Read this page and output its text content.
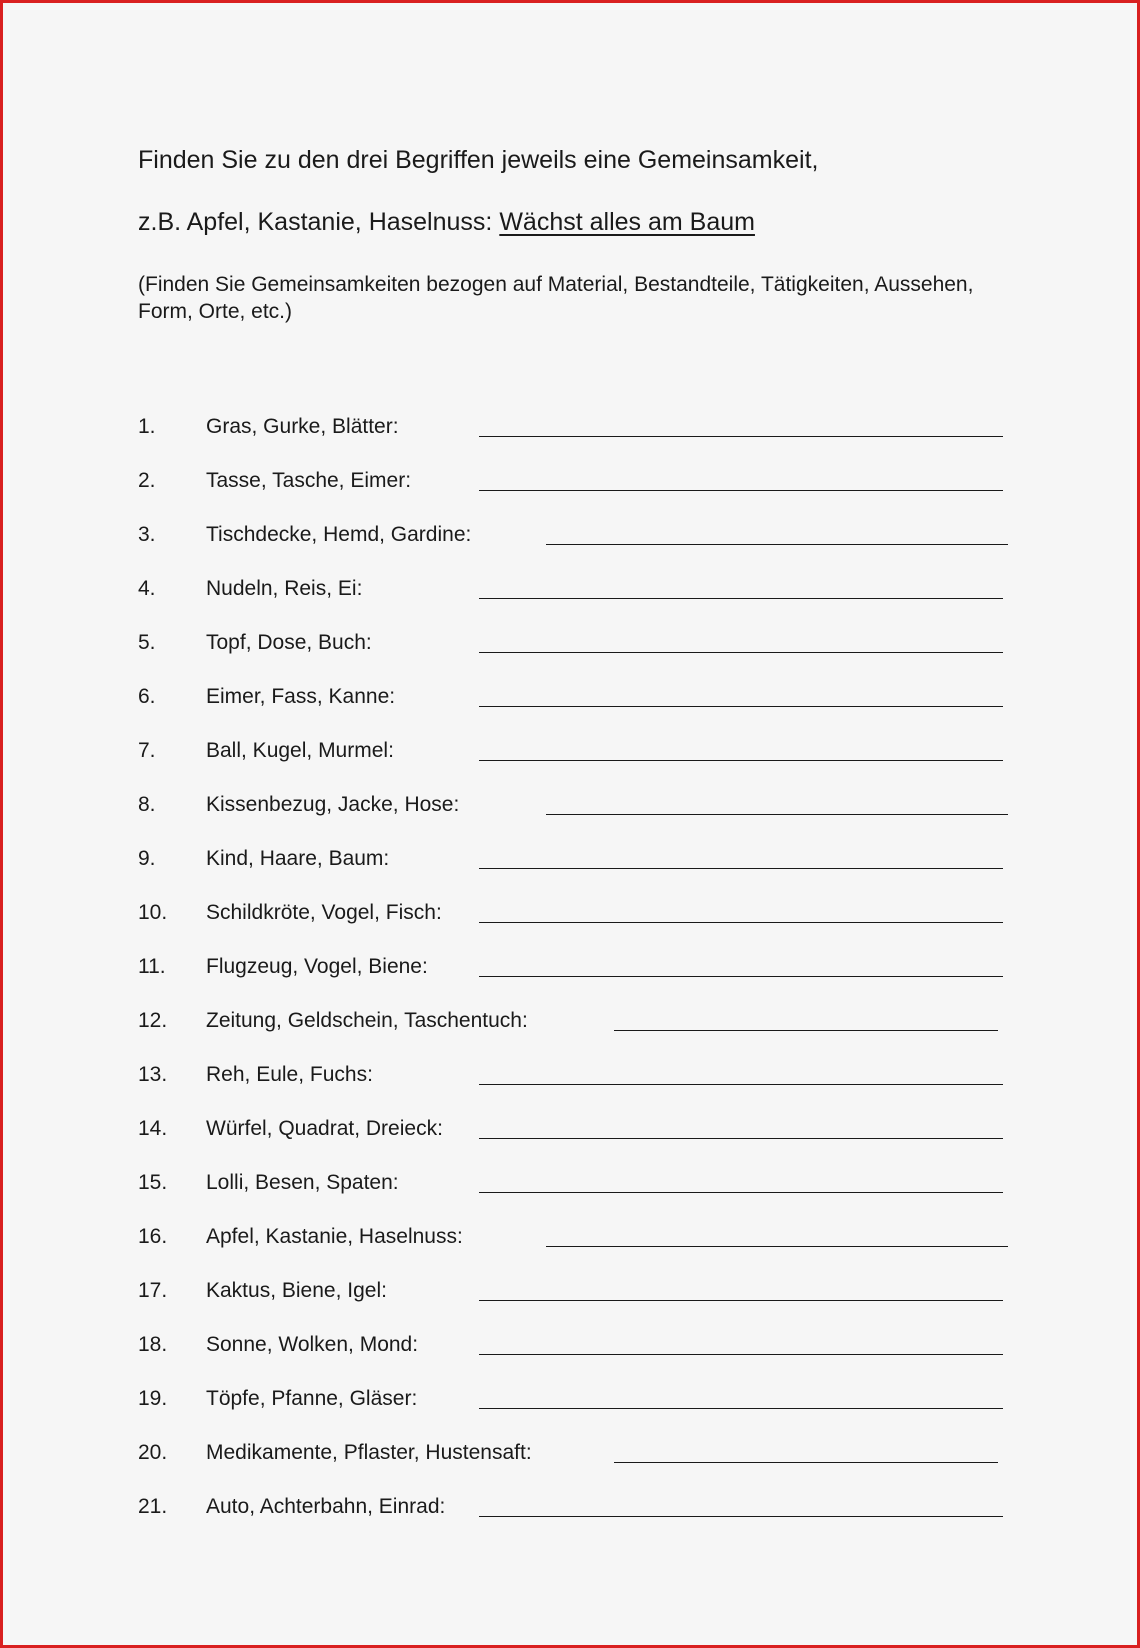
Finden Sie zu den drei Begriffen jeweils eine Gemeinsamkeit,
z.B. Apfel, Kastanie, Haselnuss: Wächst alles am Baum
(Finden Sie Gemeinsamkeiten bezogen auf Material, Bestandteile, Tätigkeiten, Aussehen, Form, Orte, etc.)
1. Gras, Gurke, Blätter:
2. Tasse, Tasche, Eimer:
3. Tischdecke, Hemd, Gardine:
4. Nudeln, Reis, Ei:
5. Topf, Dose, Buch:
6. Eimer, Fass, Kanne:
7. Ball, Kugel, Murmel:
8. Kissenbezug, Jacke, Hose:
9. Kind, Haare, Baum:
10. Schildkröte, Vogel, Fisch:
11. Flugzeug, Vogel, Biene:
12. Zeitung, Geldschein, Taschentuch:
13. Reh, Eule, Fuchs:
14. Würfel, Quadrat, Dreieck:
15. Lolli, Besen, Spaten:
16. Apfel, Kastanie, Haselnuss:
17. Kaktus, Biene, Igel:
18. Sonne, Wolken, Mond:
19. Töpfe, Pfanne, Gläser:
20. Medikamente, Pflaster, Hustensaft:
21. Auto, Achterbahn, Einrad:
